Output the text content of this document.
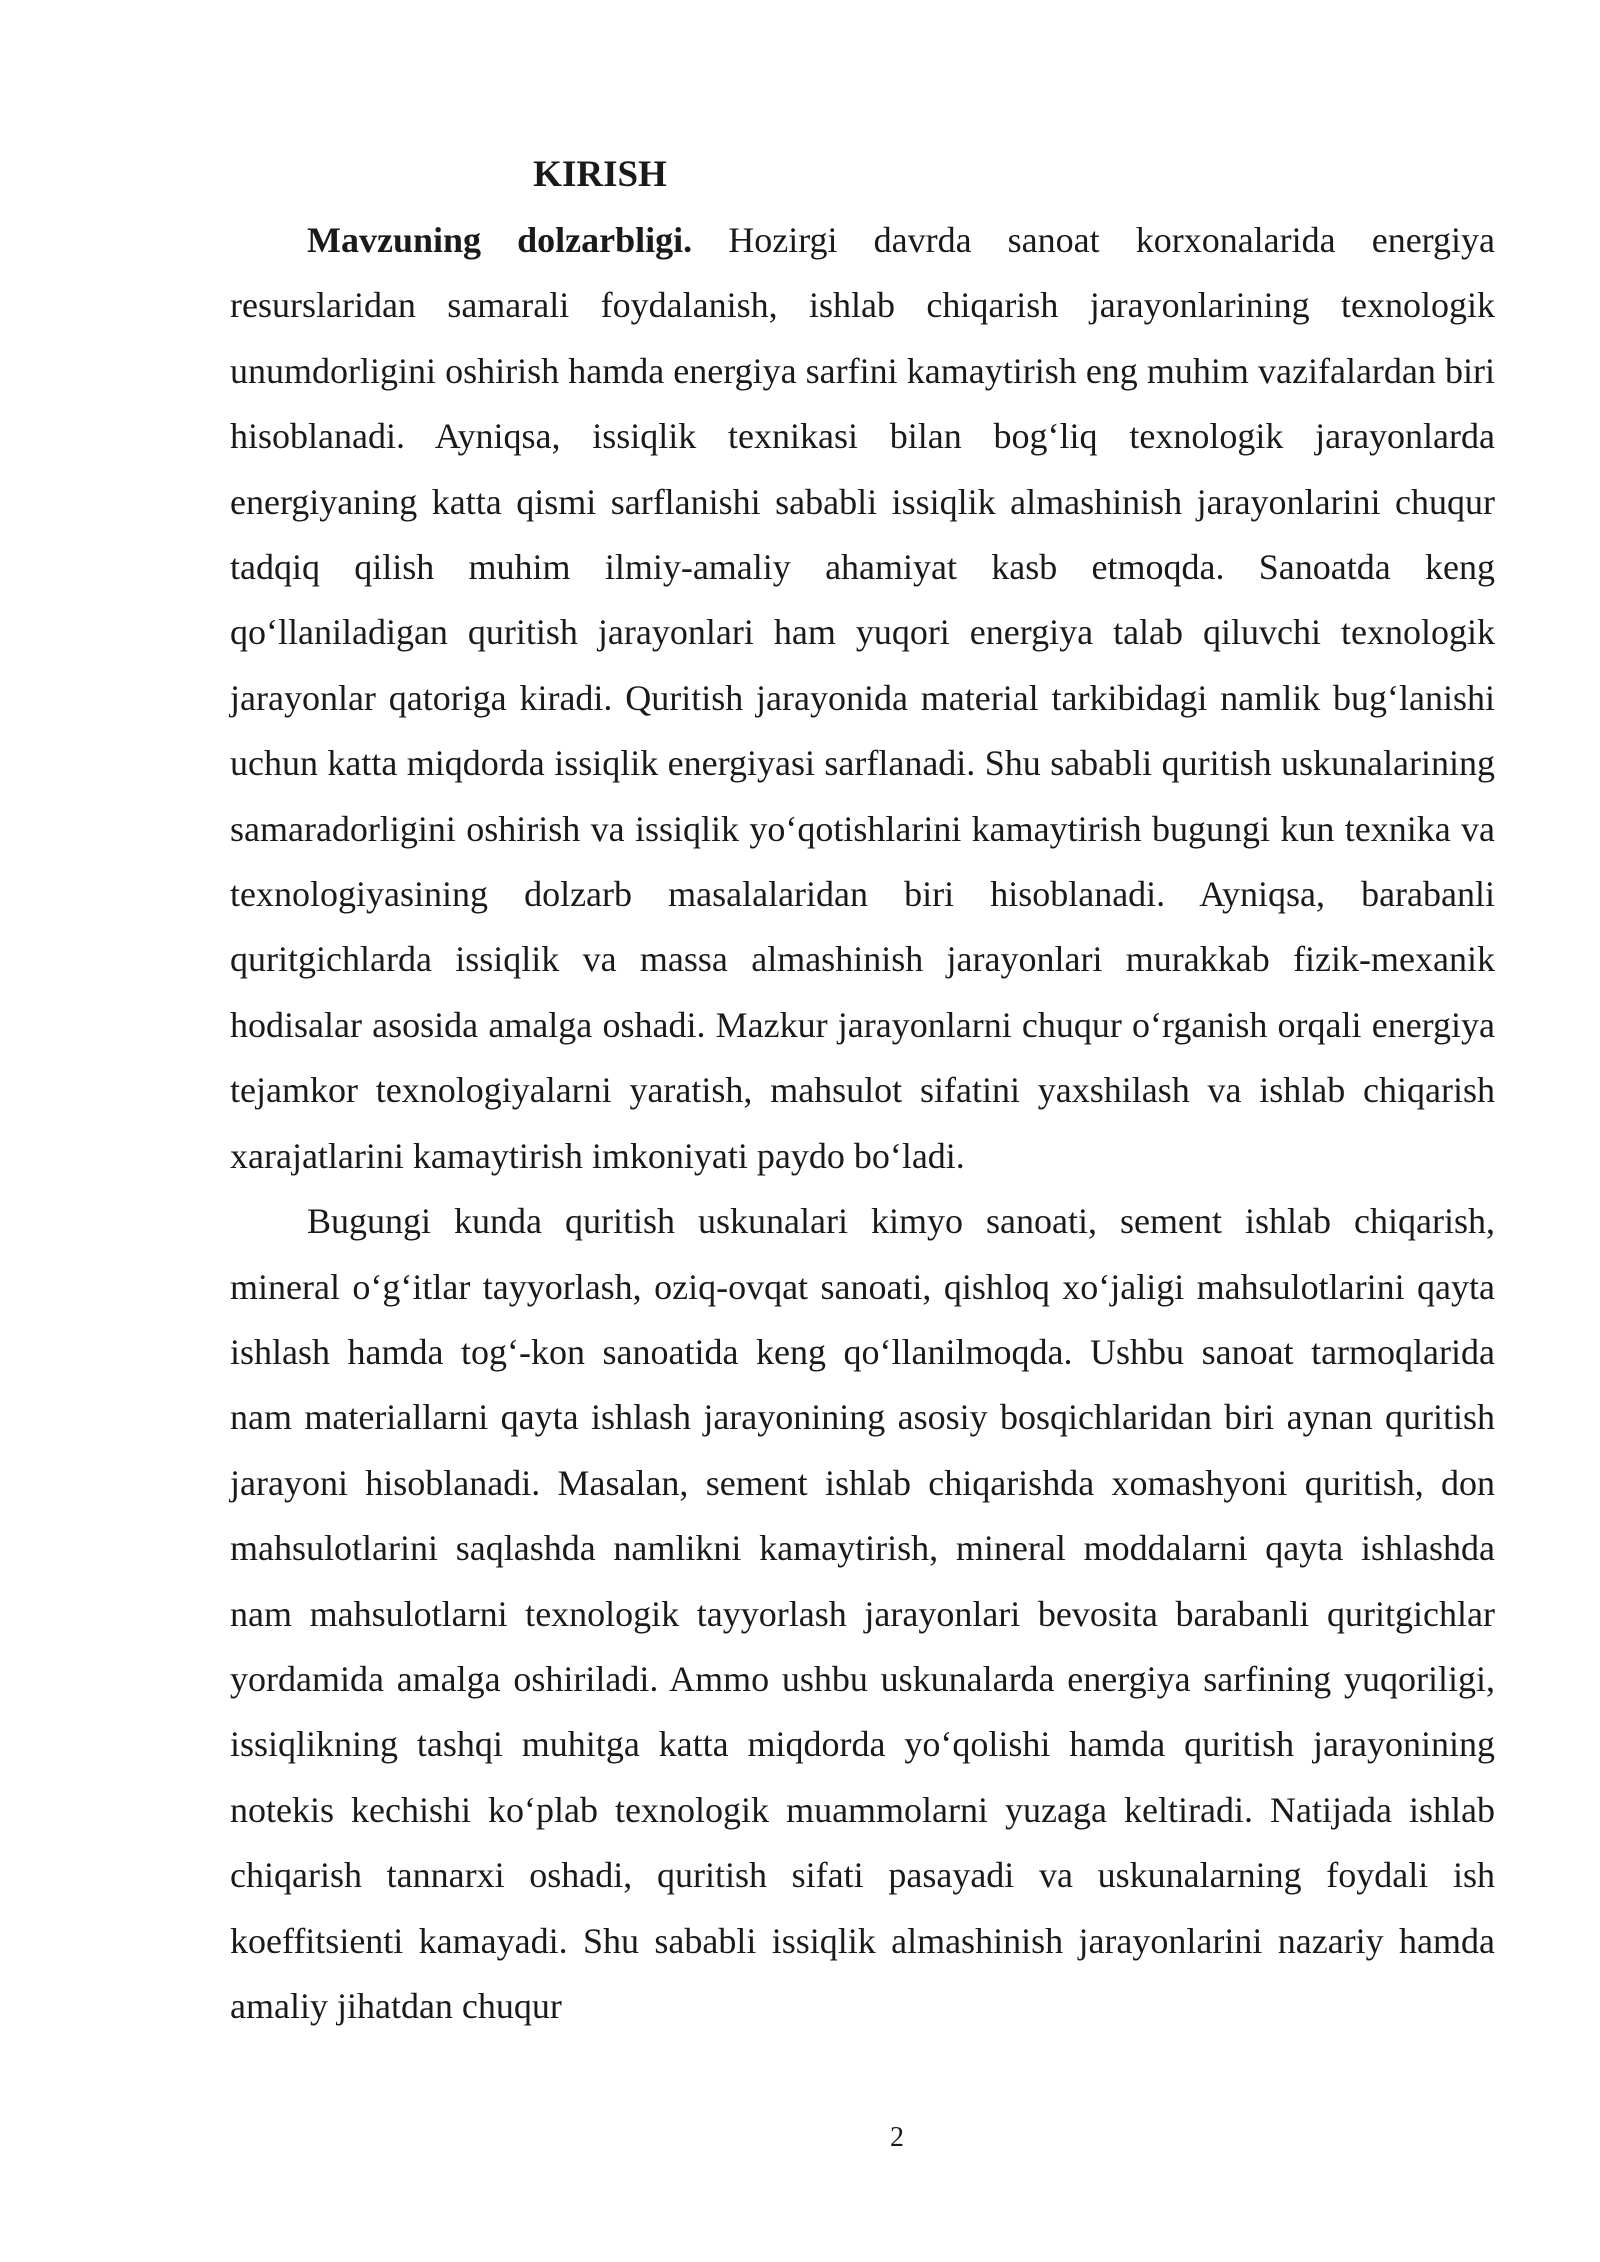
KIRISH

Mavzuning dolzarbligi. Hozirgi davrda sanoat korxonalarida energiya resurslaridan samarali foydalanish, ishlab chiqarish jarayonlarining texnologik unumdorligini oshirish hamda energiya sarfini kamaytirish eng muhim vazifalardan biri hisoblanadi. Ayniqsa, issiqlik texnikasi bilan bog‘liq texnologik jarayonlarda energiyaning katta qismi sarflanishi sababli issiqlik almashinish jarayonlarini chuqur tadqiq qilish muhim ilmiy-amaliy ahamiyat kasb etmoqda. Sanoatda keng qo‘llaniladigan quritish jarayonlari ham yuqori energiya talab qiluvchi texnologik jarayonlar qatoriga kiradi. Quritish jarayonida material tarkibidagi namlik bug‘lanishi uchun katta miqdorda issiqlik energiyasi sarflanadi. Shu sababli quritish uskunalarining samaradorligini oshirish va issiqlik yo‘qotishlarini kamaytirish bugungi kun texnika va texnologiyasining dolzarb masalalaridan biri hisoblanadi. Ayniqsa, barabanli quritgichlarda issiqlik va massa almashinish jarayonlari murakkab fizik-mexanik hodisalar asosida amalga oshadi. Mazkur jarayonlarni chuqur o‘rganish orqali energiya tejamkor texnologiyalarni yaratish, mahsulot sifatini yaxshilash va ishlab chiqarish xarajatlarini kamaytirish imkoniyati paydo bo‘ladi.

Bugungi kunda quritish uskunalari kimyo sanoati, sement ishlab chiqarish, mineral o‘g‘itlar tayyorlash, oziq-ovqat sanoati, qishloq xo‘jaligi mahsulotlarini qayta ishlash hamda tog‘-kon sanoatida keng qo‘llanilmoqda. Ushbu sanoat tarmoqlarida nam materiallarni qayta ishlash jarayonining asosiy bosqichlaridan biri aynan quritish jarayoni hisoblanadi. Masalan, sement ishlab chiqarishda xomashyoni quritish, don mahsulotlarini saqlashda namlikni kamaytirish, mineral moddalarni qayta ishlashda nam mahsulotlarni texnologik tayyorlash jarayonlari bevosita barabanli quritgichlar yordamida amalga oshiriladi. Ammo ushbu uskunalarda energiya sarfining yuqoriligi, issiqlikning tashqi muhitga katta miqdorda yo‘qolishi hamda quritish jarayonining notekis kechishi ko‘plab texnologik muammolarni yuzaga keltiradi. Natijada ishlab chiqarish tannarxi oshadi, quritish sifati pasayadi va uskunalarning foydali ish koeffitsienti kamayadi. Shu sababli issiqlik almashinish jarayonlarini nazariy hamda amaliy jihatdan chuqur

2
